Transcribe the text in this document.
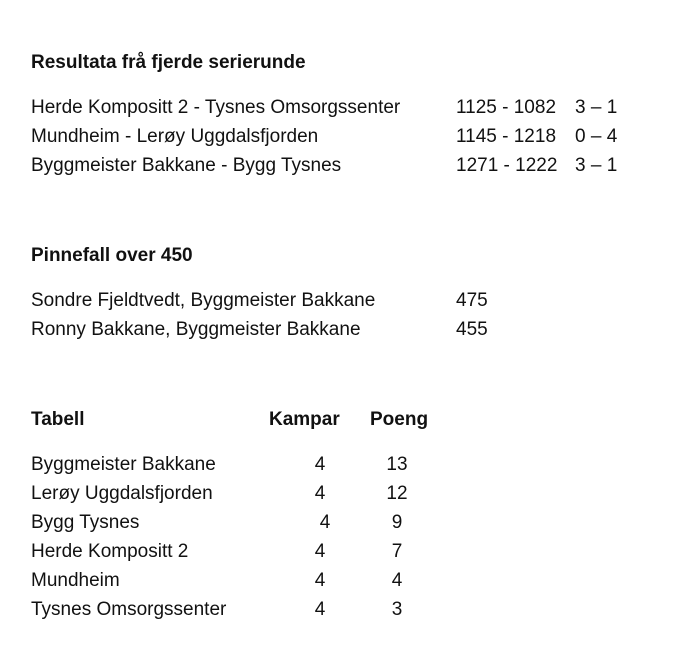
Resultata frå fjerde serierunde
Herde Kompositt 2 - Tysnes Omsorgssenter	1125 - 1082 3 – 1
Mundheim - Lerøy Uggdalsfjorden	1145 - 1218 0 – 4
Byggmeister Bakkane - Bygg Tysnes	1271 - 1222 3 – 1
Pinnefall over 450
Sondre Fjeldtvedt, Byggmeister Bakkane	475
Ronny Bakkane, Byggmeister Bakkane	455
Tabell	Kampar Poeng
Byggmeister Bakkane	4	13
Lerøy Uggdalsfjorden	4	12
Bygg Tysnes	4	9
Herde Kompositt 2	4	7
Mundheim	4	4
Tysnes Omsorgssenter	4	3
